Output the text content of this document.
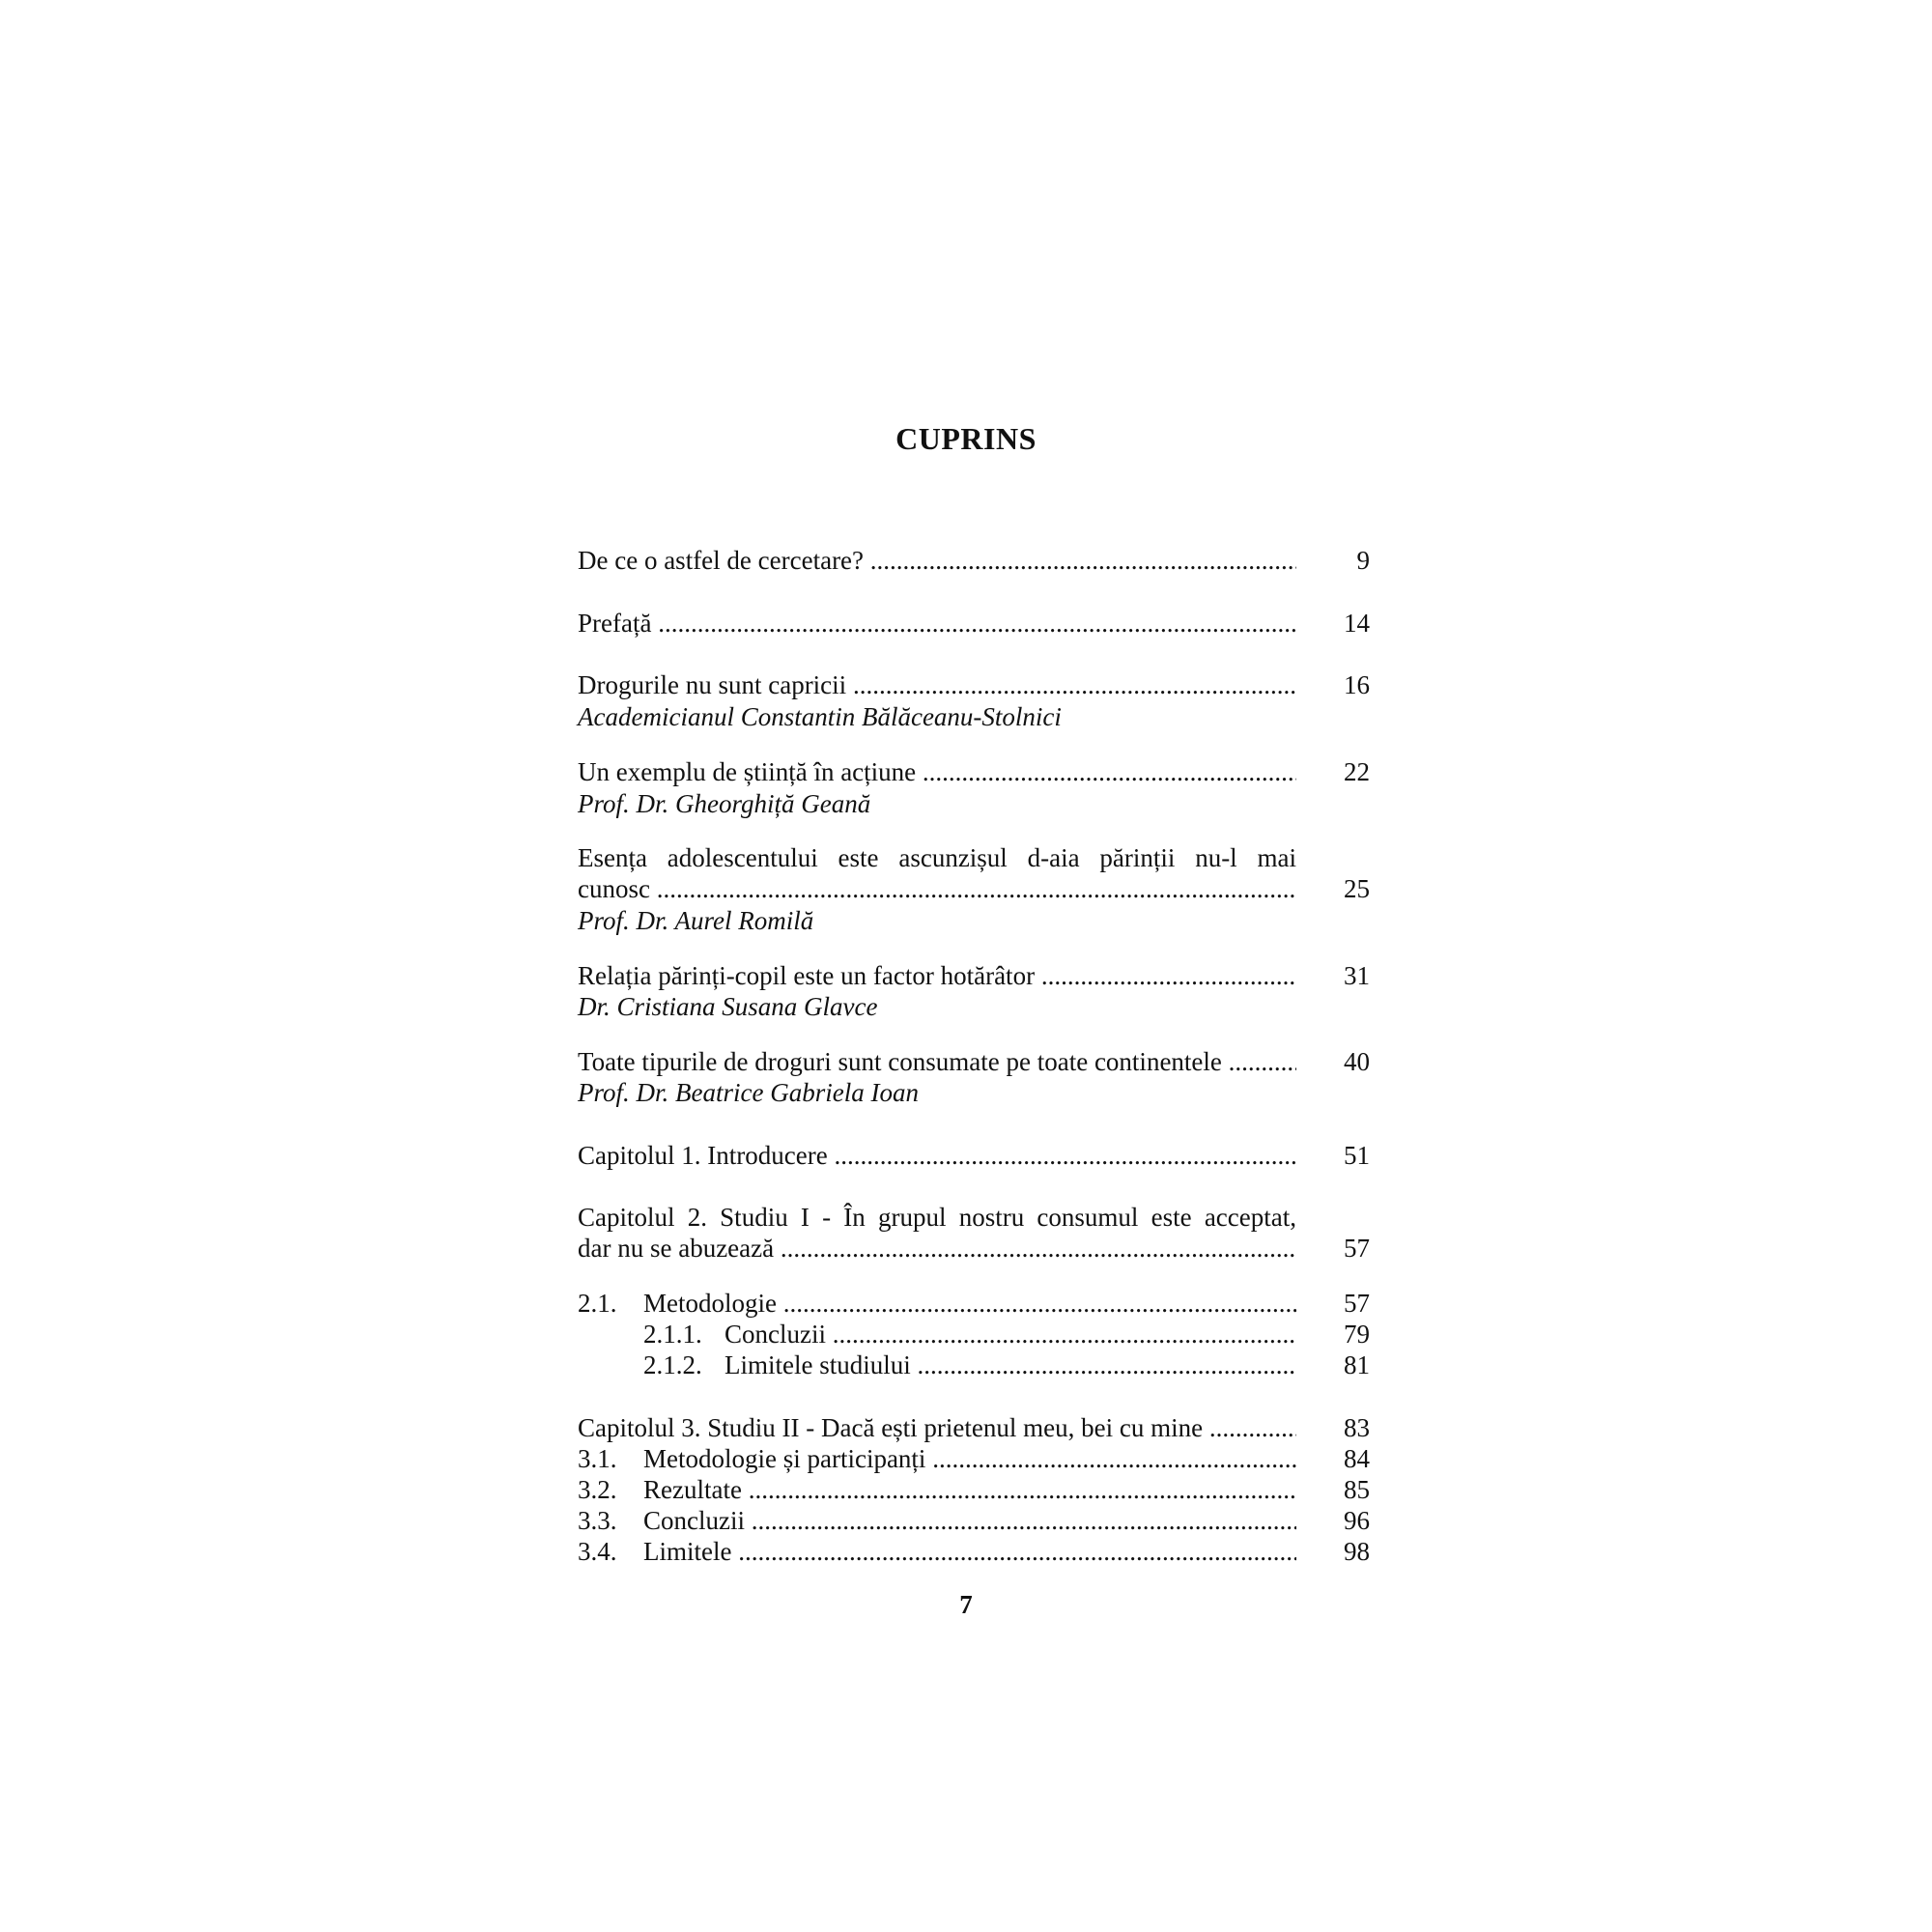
CUPRINS
De ce o astfel de cercetare? .....	9
Prefață .....	14
Drogurile nu sunt capricii .....	16
Academicianul Constantin Bălăceanu-Stolnici
Un exemplu de știință în acțiune .....	22
Prof. Dr. Gheorghiță Geană
Esența adolescentului este ascunzișul d-aia părinții nu-l mai
cunosc .....	25
Prof. Dr. Aurel Romilă
Relația părinți-copil este un factor hotărâtor .....	31
Dr. Cristiana Susana Glavce
Toate tipurile de droguri sunt consumate pe toate continentele .....	40
Prof. Dr. Beatrice Gabriela Ioan
Capitolul 1. Introducere .....	51
Capitolul 2. Studiu I - În grupul nostru consumul este acceptat,
dar nu se abuzează .....	57
2.1. Metodologie .....	57
2.1.1. Concluzii .....	79
2.1.2. Limitele studiului .....	81
Capitolul 3. Studiu II - Dacă ești prietenul meu, bei cu mine .....	83
3.1. Metodologie și participanți .....	84
3.2. Rezultate .....	85
3.3. Concluzii .....	96
3.4. Limitele .....	98
7
